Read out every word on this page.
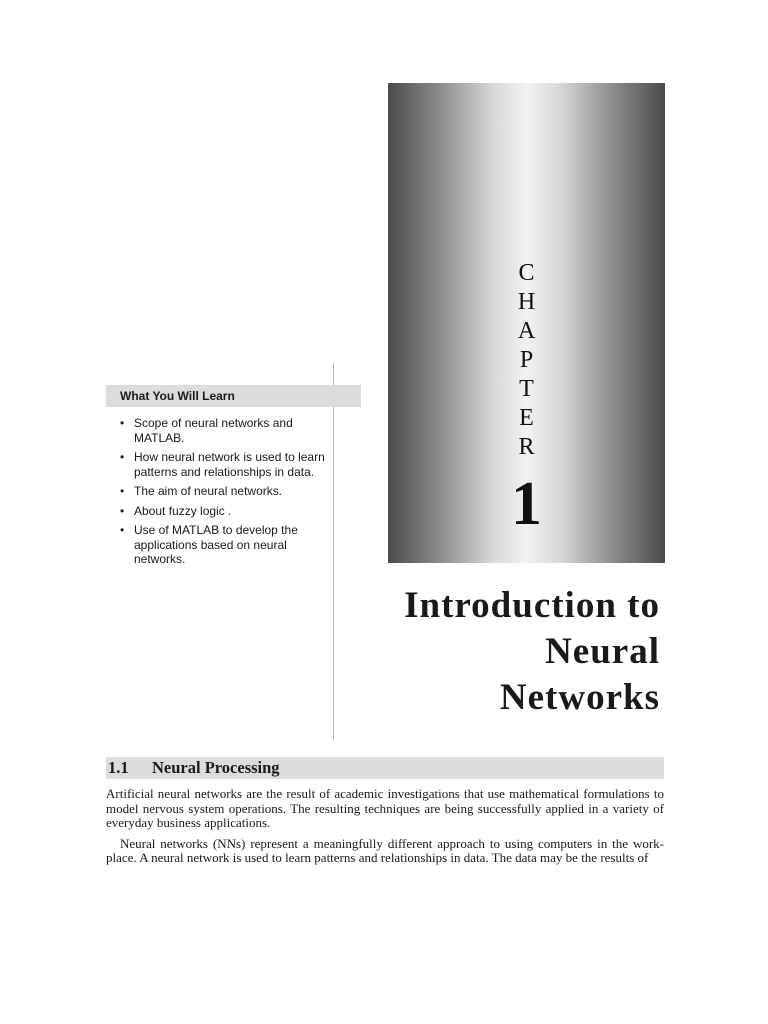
C
H
A
P
T
E
R
1
Introduction to
Neural
Networks
What You Will Learn
• Scope of neural networks and MATLAB.
• How neural network is used to learn patterns and relationships in data.
• The aim of neural networks.
• About fuzzy logic .
• Use of MATLAB to develop the applications based on neural networks.
1.1 Neural Processing

Artificial neural networks are the result of academic investigations that use mathematical formulations to model nervous system operations. The resulting techniques are being successfully applied in a variety of everyday business applications.

Neural networks (NNs) represent a meaningfully different approach to using computers in the work-place. A neural network is used to learn patterns and relationships in data. The data may be the results of
